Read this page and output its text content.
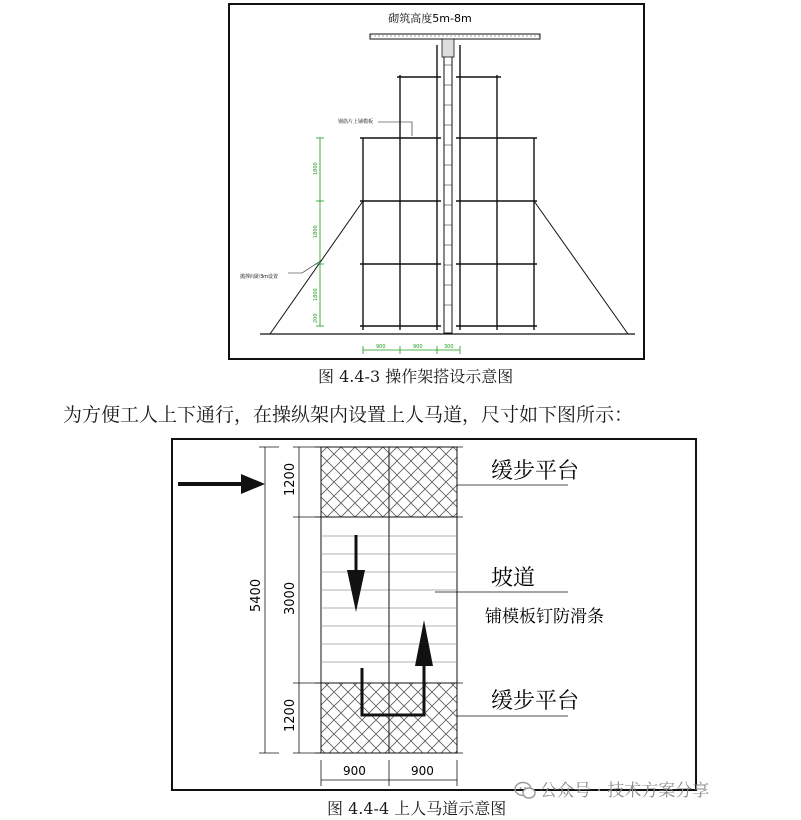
砌筑高度5m-8m
钢筋片上铺模板
抛撑间距3m设置
1800
1800
1800
200
900	900	300
图 4.4-3 操作架搭设示意图
为方便工人上下通行，在操纵架内设置上人马道，尺寸如下图所示：
缓步平台
坡道
铺模板钉防滑条
缓步平台
5400
1200
3000
1200
900	900
公众号 · 技术方案分享
图 4.4-4 上人马道示意图
